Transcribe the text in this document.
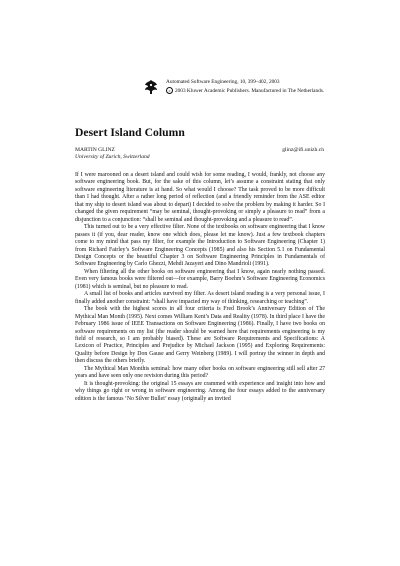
Automated Software Engineering, 10, 399–402, 2003
c 2003 Kluwer Academic Publishers. Manufactured in The Netherlands.
Desert Island Column
MARTIN GLINZ
University of Zurich, Switzerland
glinz@ifi.unizh.ch

If I were marooned on a desert island and could wish for some reading, I would, frankly, not choose any software engineering book. But, for the sake of this column, let’s assume a constraint stating that only software engineering literature is at hand. So what would I choose? The task proved to be more difficult than I had thought. After a rather long period of reflection (and a friendly reminder from the ASE editor that my ship to desert island was about to depart) I decided to solve the problem by making it harder. So I changed the given requirement “may be seminal, thought-provoking or simply a pleasure to read” from a disjunction to a conjunction: “shall be seminal and thought-provoking and a pleasure to read”.

This turned out to be a very effective filter. None of the textbooks on software engineering that I know passes it (if you, dear reader, know one which does, please let me know). Just a few textbook chapters come to my mind that pass my filter, for example the Introduction to Software Engineering (Chapter 1) from Richard Fairley’s Software Engineering Concepts (1985) and also his Section 5.1 on Fundamental Design Concepts or the beautiful Chapter 3 on Software Engineering Principles in Fundamentals of Software Engineering by Carlo Ghezzi, Mehdi Jazayeri and Dino Mandrioli (1991).

When filtering all the other books on software engineering that I know, again nearly nothing passed. Even very famous books were filtered out—for example, Barry Boehm’s Software Engineering Economics (1981) which is seminal, but no pleasure to read.

A small list of books and articles survived my filter. As desert island reading is a very personal issue, I finally added another constraint: “shall have impacted my way of thinking, researching or teaching”.

The book with the highest scores in all four criteria is Fred Brook’s Anniversary Edition of The Mythical Man Month (1995). Next comes William Kent’s Data and Reality (1978). In third place I have the February 1986 issue of IEEE Transactions on Software Engineering (1986). Finally, I have two books on software requirements on my list (the reader should be warned here that requirements engineering is my field of research, so I am probably biased). These are Software Requirements and Specifications: A Lexicon of Practice, Principles and Prejudice by Michael Jackson (1995) and Exploring Requirements: Quality before Design by Don Gause and Gerry Weinberg (1989). I will portray the winner in depth and then discuss the others briefly.

The Mythical Man Monthis seminal: how many other books on software engineering still sell after 27 years and have seen only one revision during this period?

It is thought-provoking: the original 15 essays are crammed with experience and insight into how and why things go right or wrong in software engineering. Among the four essays added to the anniversary edition is the famous ‘No Silver Bullet’ essay (originally an invited
